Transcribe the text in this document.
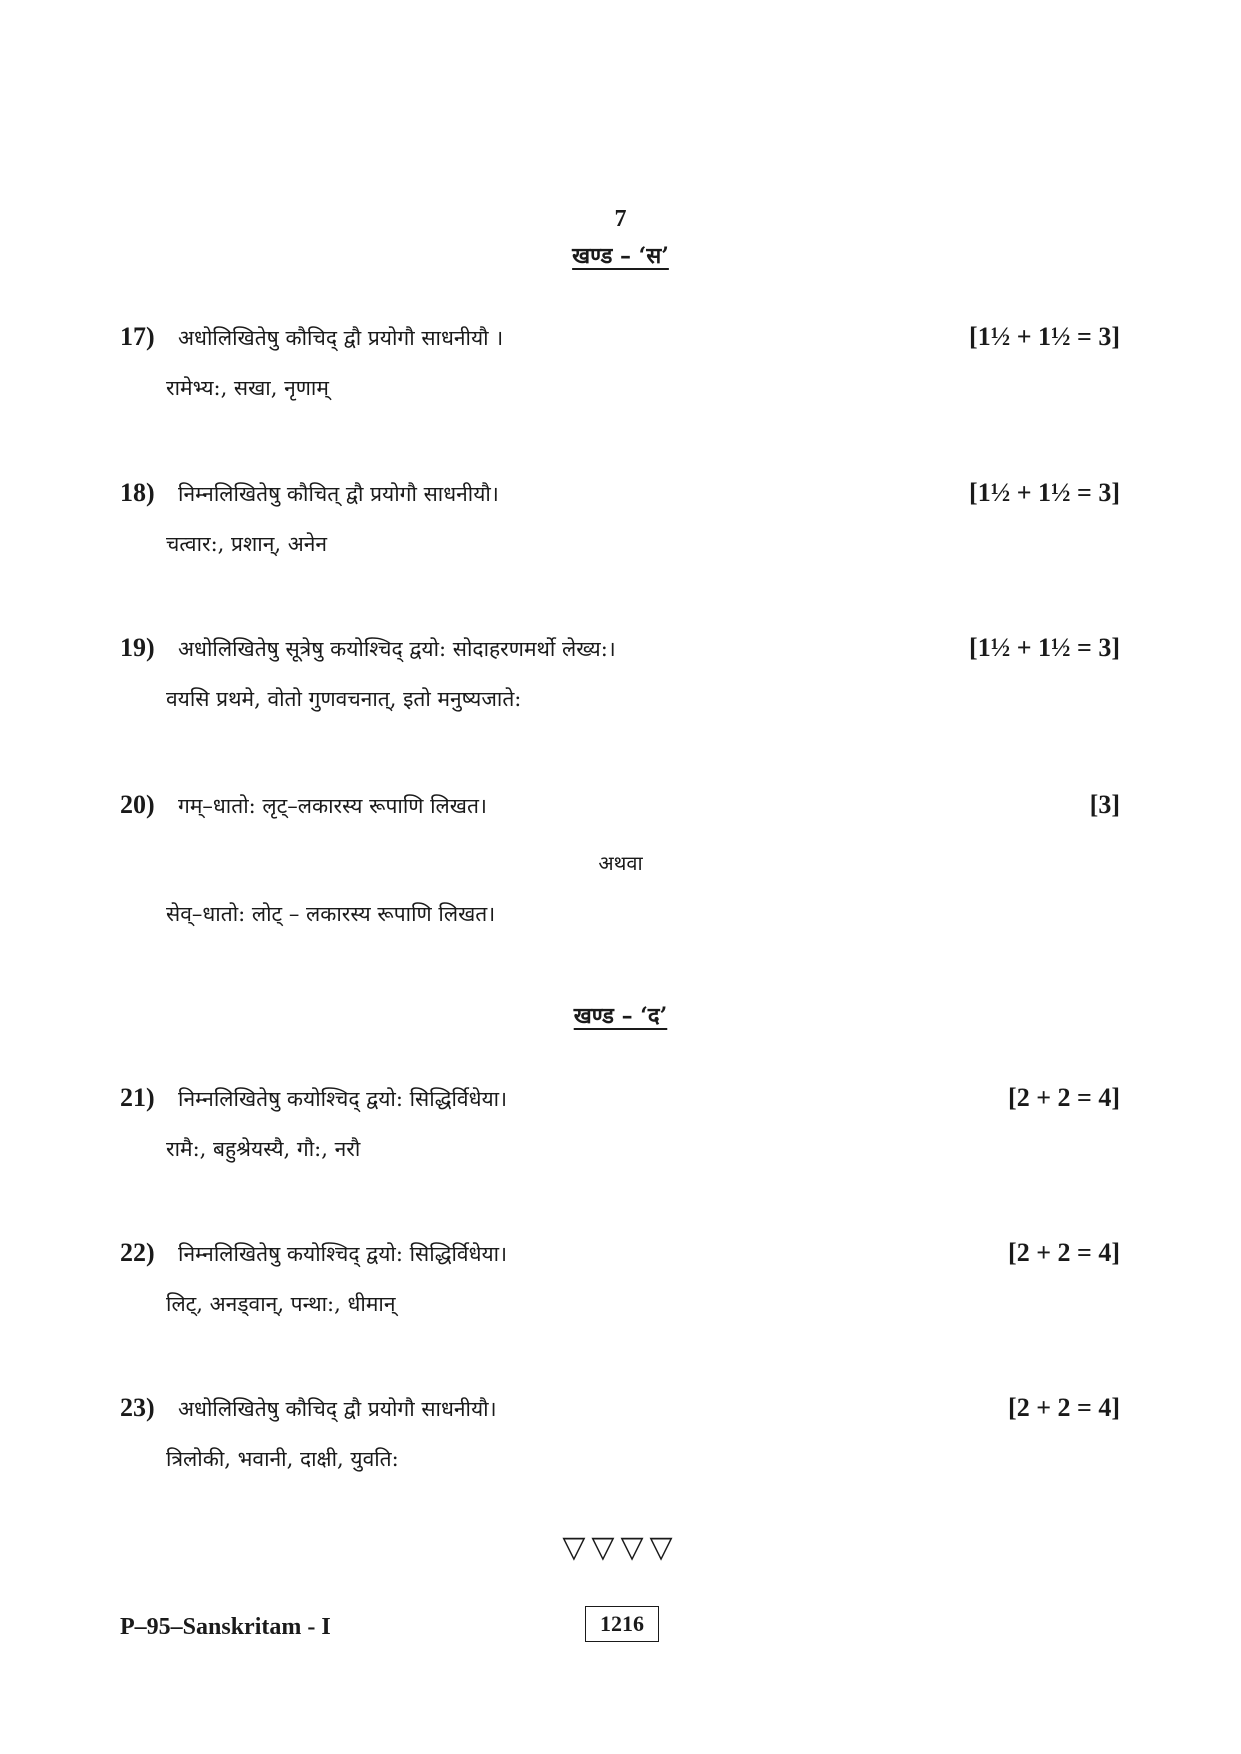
7
खण्ड – ‘स’
17) अधोलिखितेषु कौचिद् द्वौ प्रयोगौ साधनीयौ ।	[1½ + 1½ = 3]
रामेभ्य:, सखा, नृणाम्
18) निम्नलिखितेषु कौचित् द्वौ प्रयोगौ साधनीयौ।	[1½ + 1½ = 3]
चत्वार:, प्रशान्, अनेन
19) अधोलिखितेषु सूत्रेषु कयोश्चिद् द्वयो: सोदाहरणमर्थो लेख्य:।	[1½ + 1½ = 3]
वयसि प्रथमे, वोतो गुणवचनात्, इतो मनुष्यजाते:
20) गम्–धातो: लृट्–लकारस्य रूपाणि लिखत।	[3]
सेव्–धातो: लोट् – लकारस्य रूपाणि लिखत।
अथवा
खण्ड – ‘द’
21) निम्नलिखितेषु कयोश्चिद् द्वयो: सिद्धिर्विधेया।	[2 + 2 = 4]
रामै:, बहुश्रेयस्यै, गौ:, नरौ
22) निम्नलिखितेषु कयोश्चिद् द्वयो: सिद्धिर्विधेया।	[2 + 2 = 4]
लिट्, अनड्वान्, पन्था:, धीमान्
23) अधोलिखितेषु कौचिद् द्वौ प्रयोगौ साधनीयौ।	[2 + 2 = 4]
त्रिलोकी, भवानी, दाक्षी, युवति:
▽▽▽▽
P–95–Sanskritam - I	1216
